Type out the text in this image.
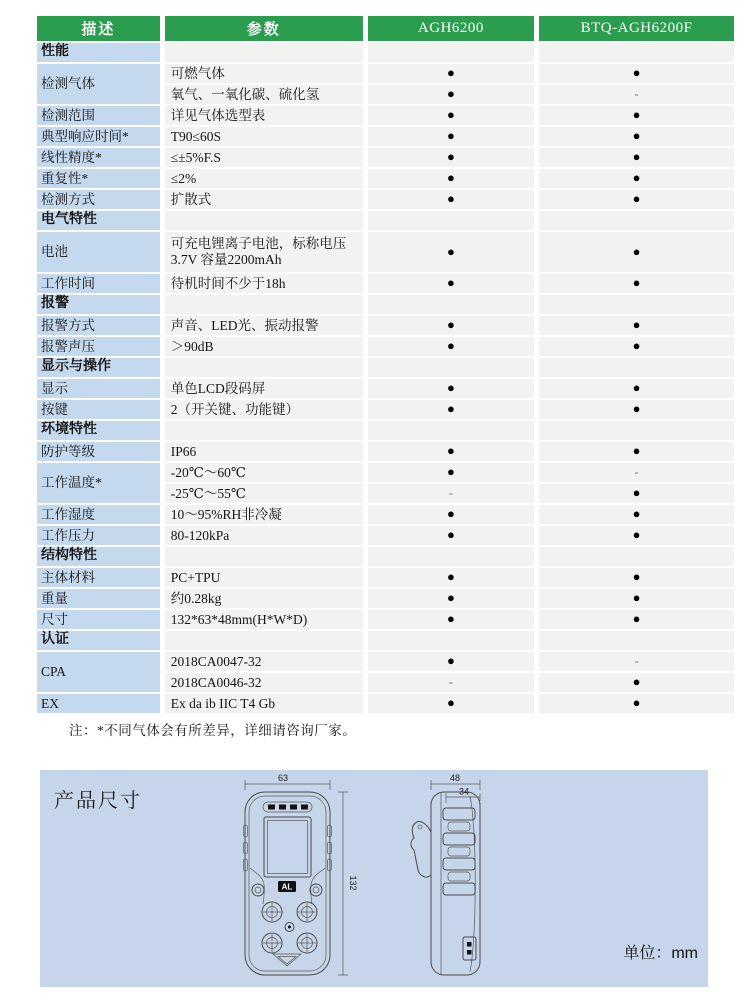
描述	参数	AGH6200	BTQ-AGH6200F
性能			
检测气体	可燃气体	●	●
	氧气、一氧化碳、硫化氢	●	-
检测范围	详见气体选型表	●	●
典型响应时间*	T90≤60S	●	●
线性精度*	≤±5%F.S	●	●
重复性*	≤2%	●	●
检测方式	扩散式	●	●
电气特性			
电池	可充电锂离子电池，标称电压3.7V 容量2200mAh	●	●
工作时间	待机时间不少于18h	●	●
报警			
报警方式	声音、LED光、振动报警	●	●
报警声压	＞90dB	●	●
显示与操作			
显示	单色LCD段码屏	●	●
按键	2（开关键、功能键）	●	●
环境特性			
防护等级	IP66	●	●
工作温度*	-20℃～60℃	●	-
	-25℃～55℃	-	●
工作湿度	10～95%RH非冷凝	●	●
工作压力	80-120kPa	●	●
结构特性			
主体材料	PC+TPU	●	●
重量	约0.28kg	●	●
尺寸	132*63*48mm(H*W*D)	●	●
认证			
CPA	2018CA0047-32	●	-
	2018CA0046-32	-	●
EX	Ex da ib IIC T4 Gb	●	●
注：*不同气体会有所差异，详细请咨询厂家。
63
132
AL
48
34
产品尺寸
单位：mm
